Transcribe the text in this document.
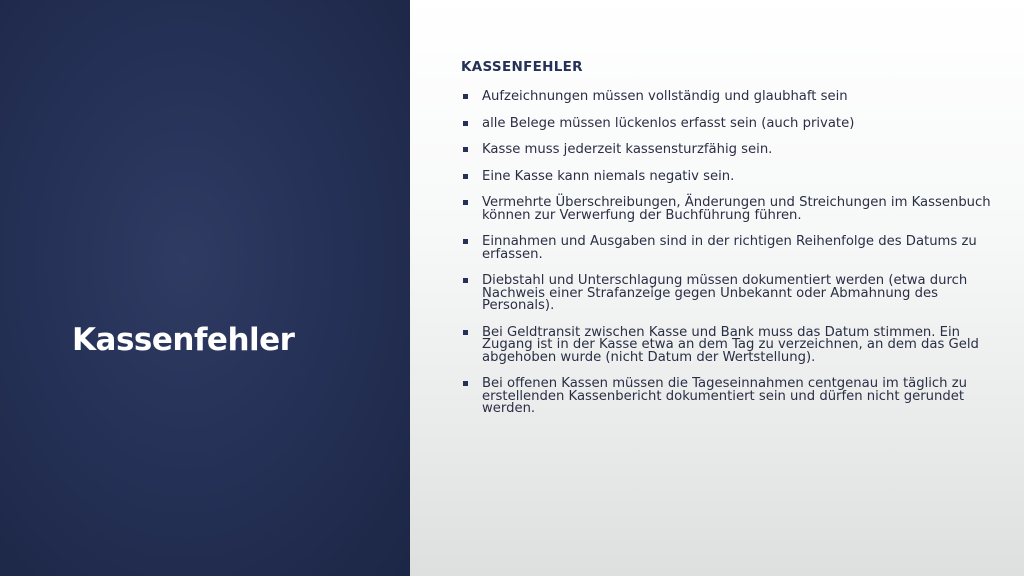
Kassenfehler
KASSENFEHLER
Aufzeichnungen müssen vollständig und glaubhaft sein
alle Belege müssen lückenlos erfasst sein (auch private)
Kasse muss jederzeit kassensturzfähig sein.
Eine Kasse kann niemals negativ sein.
Vermehrte Überschreibungen, Änderungen und Streichungen im Kassenbuch können zur Verwerfung der Buchführung führen.
Einnahmen und Ausgaben sind in der richtigen Reihenfolge des Datums zu erfassen.
Diebstahl und Unterschlagung müssen dokumentiert werden (etwa durch Nachweis einer Strafanzeige gegen Unbekannt oder Abmahnung des Personals).
Bei Geldtransit zwischen Kasse und Bank muss das Datum stimmen. Ein Zugang ist in der Kasse etwa an dem Tag zu verzeichnen, an dem das Geld abgehoben wurde (nicht Datum der Wertstellung).
Bei offenen Kassen müssen die Tageseinnahmen centgenau im täglich zu erstellenden Kassenbericht dokumentiert sein und dürfen nicht gerundet werden.
